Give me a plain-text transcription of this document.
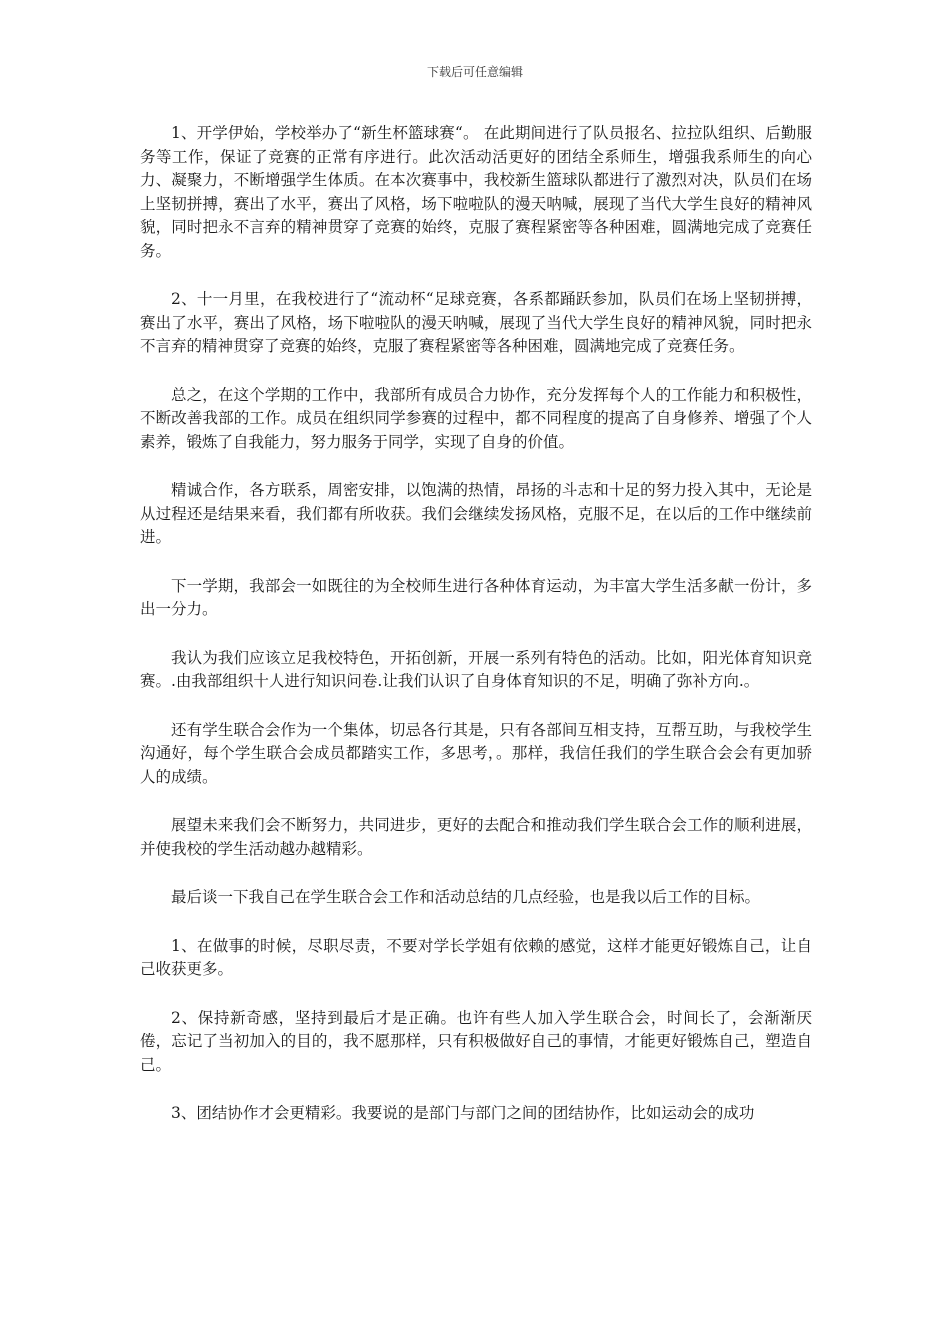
下载后可任意编辑

1、开学伊始，学校举办了“新生杯篮球赛“。 在此期间进行了队员报名、拉拉队组织、后勤服务等工作，保证了竞赛的正常有序进行。此次活动活更好的团结全系师生，增强我系师生的向心力、凝聚力，不断增强学生体质。在本次赛事中，我校新生篮球队都进行了激烈对决，队员们在场上坚韧拼搏，赛出了水平，赛出了风格，场下啦啦队的漫天呐喊，展现了当代大学生良好的精神风貌，同时把永不言弃的精神贯穿了竞赛的始终，克服了赛程紧密等各种困难，圆满地完成了竞赛任务。

2、十一月里，在我校进行了“流动杯“足球竞赛，各系都踊跃参加，队员们在场上坚韧拼搏，赛出了水平，赛出了风格，场下啦啦队的漫天呐喊，展现了当代大学生良好的精神风貌，同时把永不言弃的精神贯穿了竞赛的始终，克服了赛程紧密等各种困难，圆满地完成了竞赛任务。

总之，在这个学期的工作中，我部所有成员合力协作，充分发挥每个人的工作能力和积极性，不断改善我部的工作。成员在组织同学参赛的过程中，都不同程度的提高了自身修养、增强了个人素养，锻炼了自我能力，努力服务于同学，实现了自身的价值。

精诚合作，各方联系，周密安排，以饱满的热情，昂扬的斗志和十足的努力投入其中，无论是从过程还是结果来看，我们都有所收获。我们会继续发扬风格，克服不足，在以后的工作中继续前进。

下一学期，我部会一如既往的为全校师生进行各种体育运动，为丰富大学生活多献一份计，多出一分力。

我认为我们应该立足我校特色，开拓创新，开展一系列有特色的活动。比如，阳光体育知识竞赛。.由我部组织十人进行知识问卷.让我们认识了自身体育知识的不足，明确了弥补方向.。

还有学生联合会作为一个集体，切忌各行其是，只有各部间互相支持，互帮互助，与我校学生沟通好，每个学生联合会成员都踏实工作，多思考，。那样，我信任我们的学生联合会会有更加骄人的成绩。

展望未来我们会不断努力，共同进步，更好的去配合和推动我们学生联合会工作的顺利进展，并使我校的学生活动越办越精彩。

最后谈一下我自己在学生联合会工作和活动总结的几点经验，也是我以后工作的目标。

1、在做事的时候，尽职尽责，不要对学长学姐有依赖的感觉，这样才能更好锻炼自己，让自己收获更多。

2、保持新奇感，坚持到最后才是正确。也许有些人加入学生联合会，时间长了，会渐渐厌倦，忘记了当初加入的目的，我不愿那样，只有积极做好自己的事情，才能更好锻炼自己，塑造自己。

3、团结协作才会更精彩。我要说的是部门与部门之间的团结协作，比如运动会的成功
